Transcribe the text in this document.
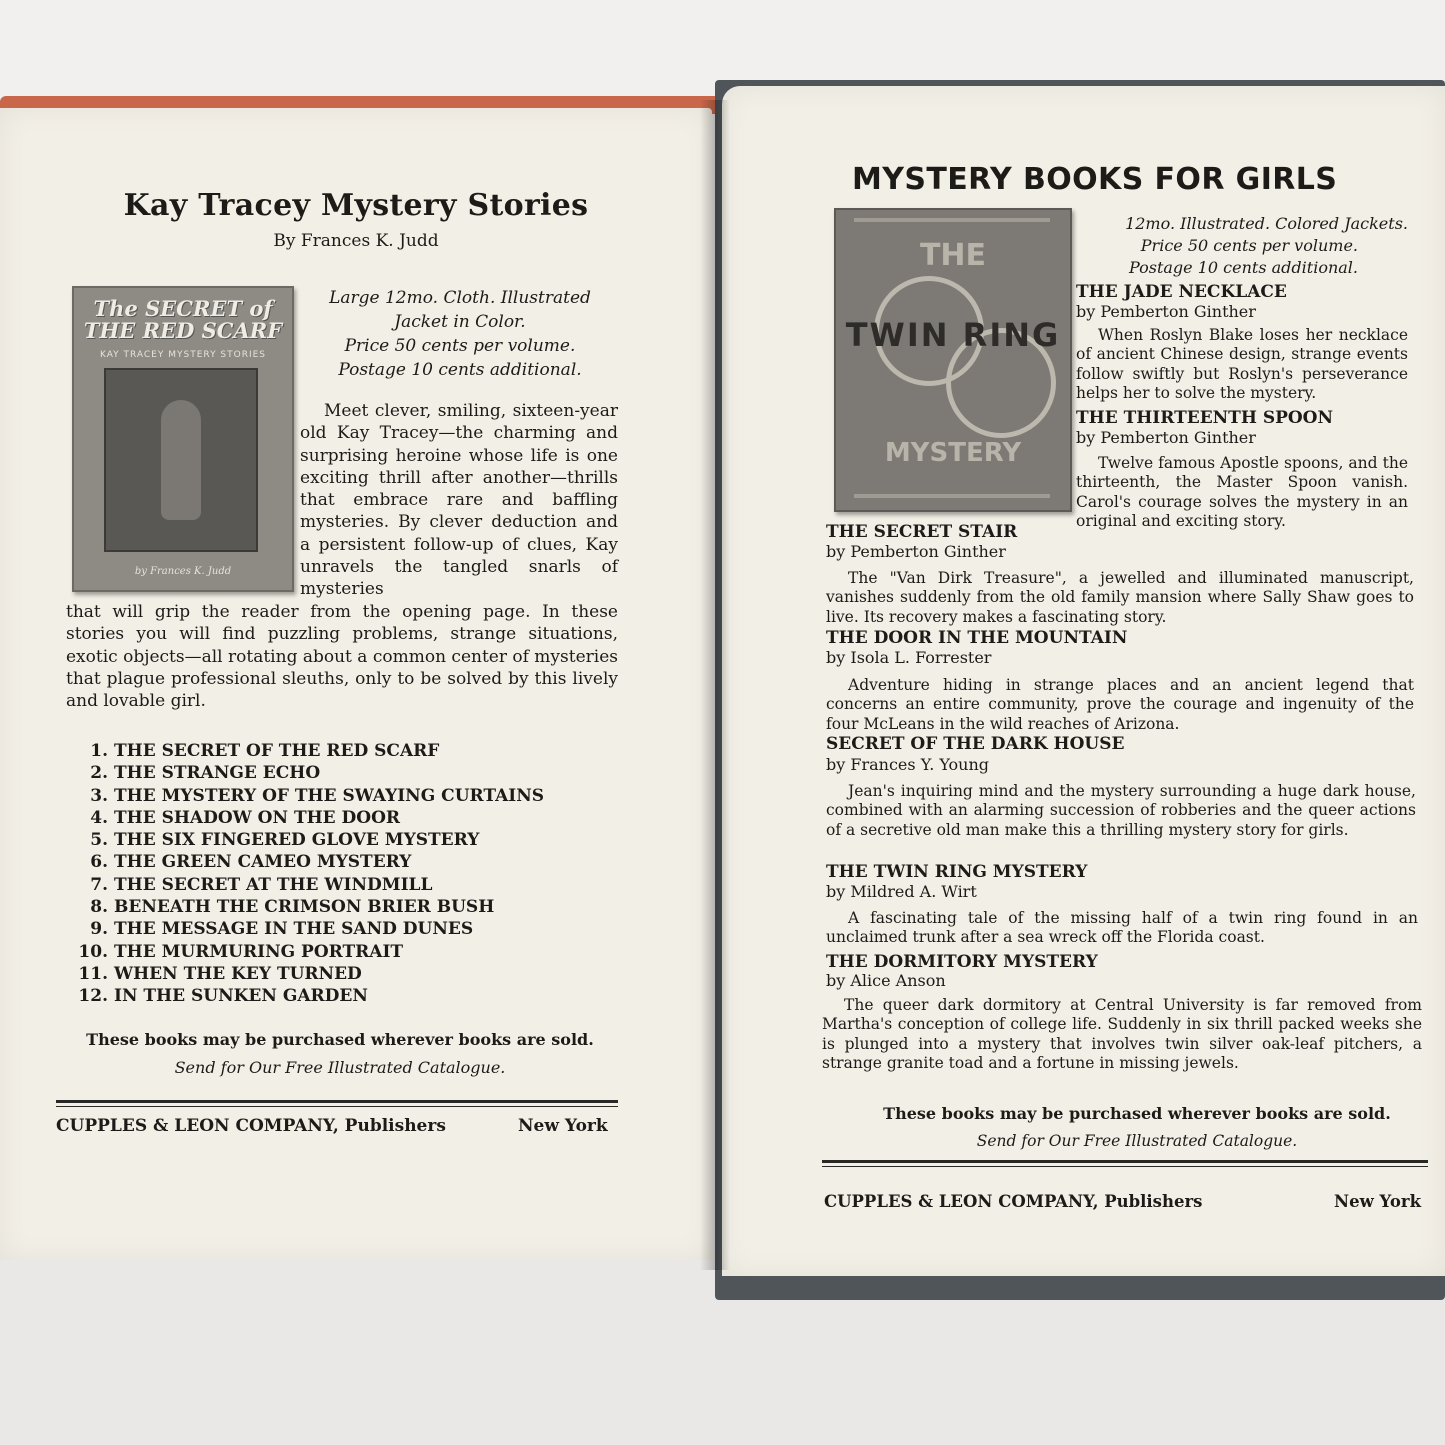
Kay Tracey Mystery Stories
By Frances K. Judd
The SECRET of THE RED SCARF
KAY TRACEY MYSTERY STORIES
by Frances K. Judd
Large 12mo. Cloth. Illustrated
Jacket in Color.
Price 50 cents per volume.
Postage 10 cents additional.
Meet clever, smiling, sixteen-year old Kay Tracey—the charming and surprising heroine whose life is one exciting thrill after another—thrills that embrace rare and baffling mysteries. By clever deduction and a persistent follow-up of clues, Kay unravels the tangled snarls of mysteries
that will grip the reader from the opening page. In these stories you will find puzzling problems, strange situations, exotic objects—all rotating about a common center of mysteries that plague professional sleuths, only to be solved by this lively and lovable girl.
1. THE SECRET OF THE RED SCARF
2. THE STRANGE ECHO
3. THE MYSTERY OF THE SWAYING CURTAINS
4. THE SHADOW ON THE DOOR
5. THE SIX FINGERED GLOVE MYSTERY
6. THE GREEN CAMEO MYSTERY
7. THE SECRET AT THE WINDMILL
8. BENEATH THE CRIMSON BRIER BUSH
9. THE MESSAGE IN THE SAND DUNES
10. THE MURMURING PORTRAIT
11. WHEN THE KEY TURNED
12. IN THE SUNKEN GARDEN
These books may be purchased wherever books are sold.
Send for Our Free Illustrated Catalogue.
CUPPLES & LEON COMPANY, Publishers	New York
MYSTERY BOOKS FOR GIRLS
THE
TWIN RING
MYSTERY
12mo. Illustrated. Colored Jackets.
Price 50 cents per volume.
Postage 10 cents additional.
THE JADE NECKLACE
by Pemberton Ginther
When Roslyn Blake loses her necklace of ancient Chinese design, strange events follow swiftly but Roslyn's perseverance helps her to solve the mystery.
THE THIRTEENTH SPOON
by Pemberton Ginther
Twelve famous Apostle spoons, and the thirteenth, the Master Spoon vanish. Carol's courage solves the mystery in an original and exciting story.
THE SECRET STAIR
by Pemberton Ginther
The "Van Dirk Treasure", a jewelled and illuminated manuscript, vanishes suddenly from the old family mansion where Sally Shaw goes to live. Its recovery makes a fascinating story.
THE DOOR IN THE MOUNTAIN
by Isola L. Forrester
Adventure hiding in strange places and an ancient legend that concerns an entire community, prove the courage and ingenuity of the four McLeans in the wild reaches of Arizona.
SECRET OF THE DARK HOUSE
by Frances Y. Young
Jean's inquiring mind and the mystery surrounding a huge dark house, combined with an alarming succession of robberies and the queer actions of a secretive old man make this a thrilling mystery story for girls.
THE TWIN RING MYSTERY
by Mildred A. Wirt
A fascinating tale of the missing half of a twin ring found in an unclaimed trunk after a sea wreck off the Florida coast.
THE DORMITORY MYSTERY
by Alice Anson
The queer dark dormitory at Central University is far removed from Martha's conception of college life. Suddenly in six thrill packed weeks she is plunged into a mystery that involves twin silver oak-leaf pitchers, a strange granite toad and a fortune in missing jewels.
These books may be purchased wherever books are sold.
Send for Our Free Illustrated Catalogue.
CUPPLES & LEON COMPANY, Publishers	New York
